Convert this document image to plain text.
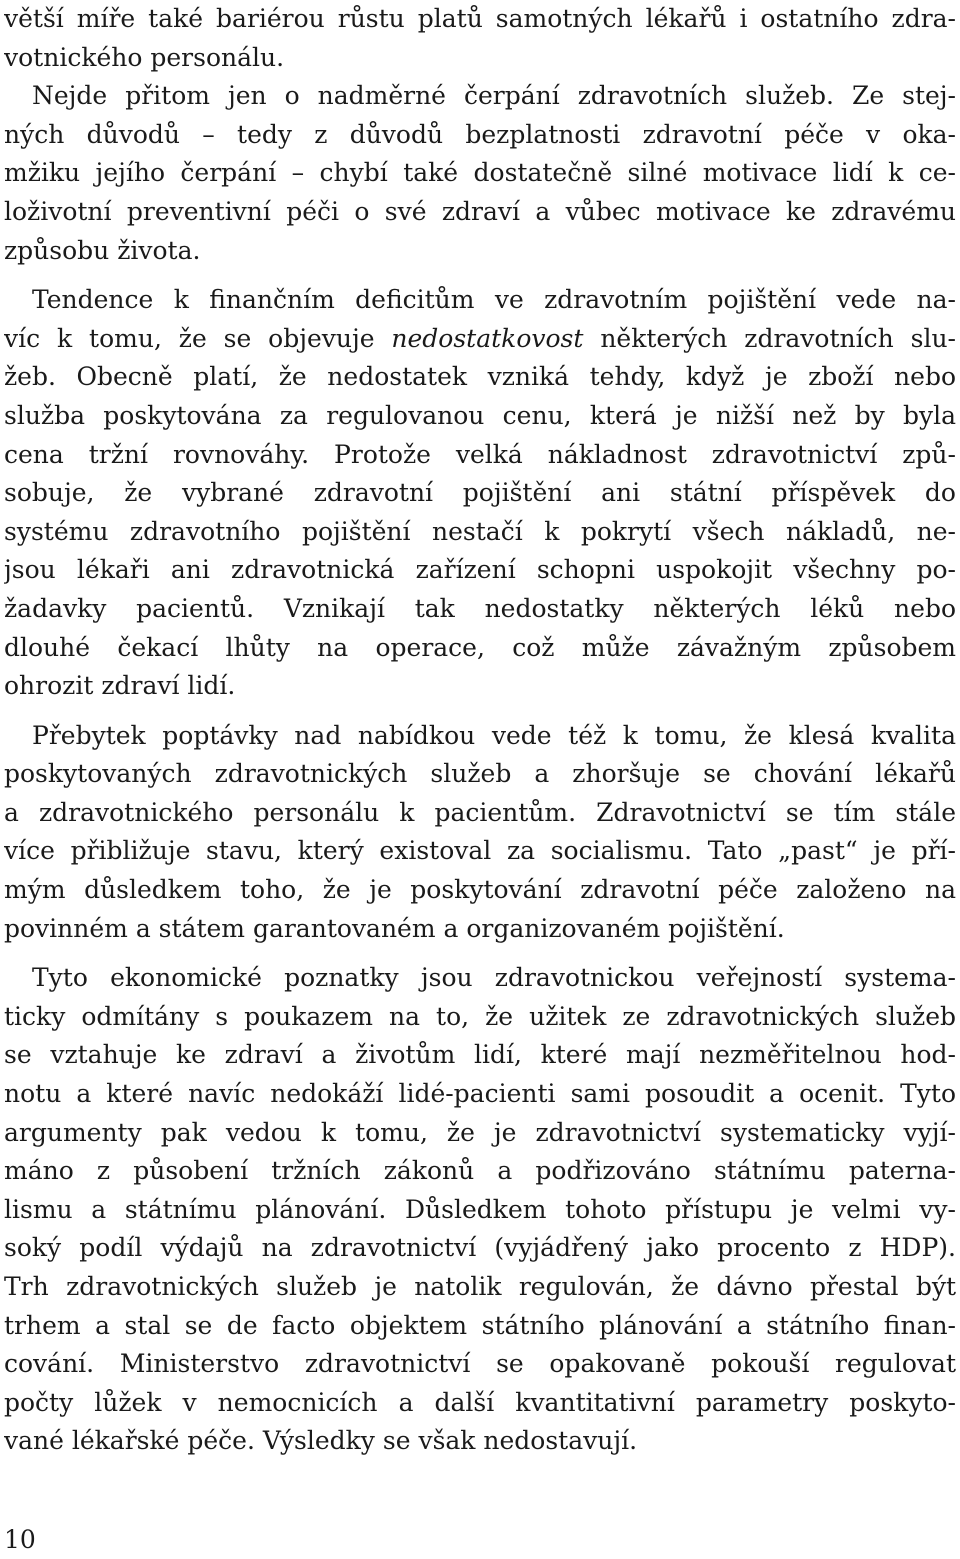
větší míře také bariérou růstu platů samotných lékařů i ostatního zdra-
votnického personálu.
Nejde přitom jen o nadměrné čerpání zdravotních služeb. Ze stej-
ných důvodů – tedy z důvodů bezplatnosti zdravotní péče v oka-
mžiku jejího čerpání – chybí také dostatečně silné motivace lidí k ce-
loživotní preventivní péči o své zdraví a vůbec motivace ke zdravému
způsobu života.
Tendence k finančním deficitům ve zdravotním pojištění vede na-
víc k tomu, že se objevuje nedostatkovost některých zdravotních slu-
žeb. Obecně platí, že nedostatek vzniká tehdy, když je zboží nebo
služba poskytována za regulovanou cenu, která je nižší než by byla
cena tržní rovnováhy. Protože velká nákladnost zdravotnictví způ-
sobuje, že vybrané zdravotní pojištění ani státní příspěvek do
systému zdravotního pojištění nestačí k pokrytí všech nákladů, ne-
jsou lékaři ani zdravotnická zařízení schopni uspokojit všechny po-
žadavky pacientů. Vznikají tak nedostatky některých léků nebo
dlouhé čekací lhůty na operace, což může závažným způsobem
ohrozit zdraví lidí.
Přebytek poptávky nad nabídkou vede též k tomu, že klesá kvalita
poskytovaných zdravotnických služeb a zhoršuje se chování lékařů
a zdravotnického personálu k pacientům. Zdravotnictví se tím stále
více přibližuje stavu, který existoval za socialismu. Tato „past“ je pří-
mým důsledkem toho, že je poskytování zdravotní péče založeno na
povinném a státem garantovaném a organizovaném pojištění.
Tyto ekonomické poznatky jsou zdravotnickou veřejností systema-
ticky odmítány s poukazem na to, že užitek ze zdravotnických služeb
se vztahuje ke zdraví a životům lidí, které mají nezměřitelnou hod-
notu a které navíc nedokáží lidé-pacienti sami posoudit a ocenit. Tyto
argumenty pak vedou k tomu, že je zdravotnictví systematicky vyjí-
máno z působení tržních zákonů a podřizováno státnímu paterna-
lismu a státnímu plánování. Důsledkem tohoto přístupu je velmi vy-
soký podíl výdajů na zdravotnictví (vyjádřený jako procento z HDP).
Trh zdravotnických služeb je natolik regulován, že dávno přestal být
trhem a stal se de facto objektem státního plánování a státního finan-
cování. Ministerstvo zdravotnictví se opakovaně pokouší regulovat
počty lůžek v nemocnicích a další kvantitativní parametry poskyto-
vané lékařské péče. Výsledky se však nedostavují.
10
